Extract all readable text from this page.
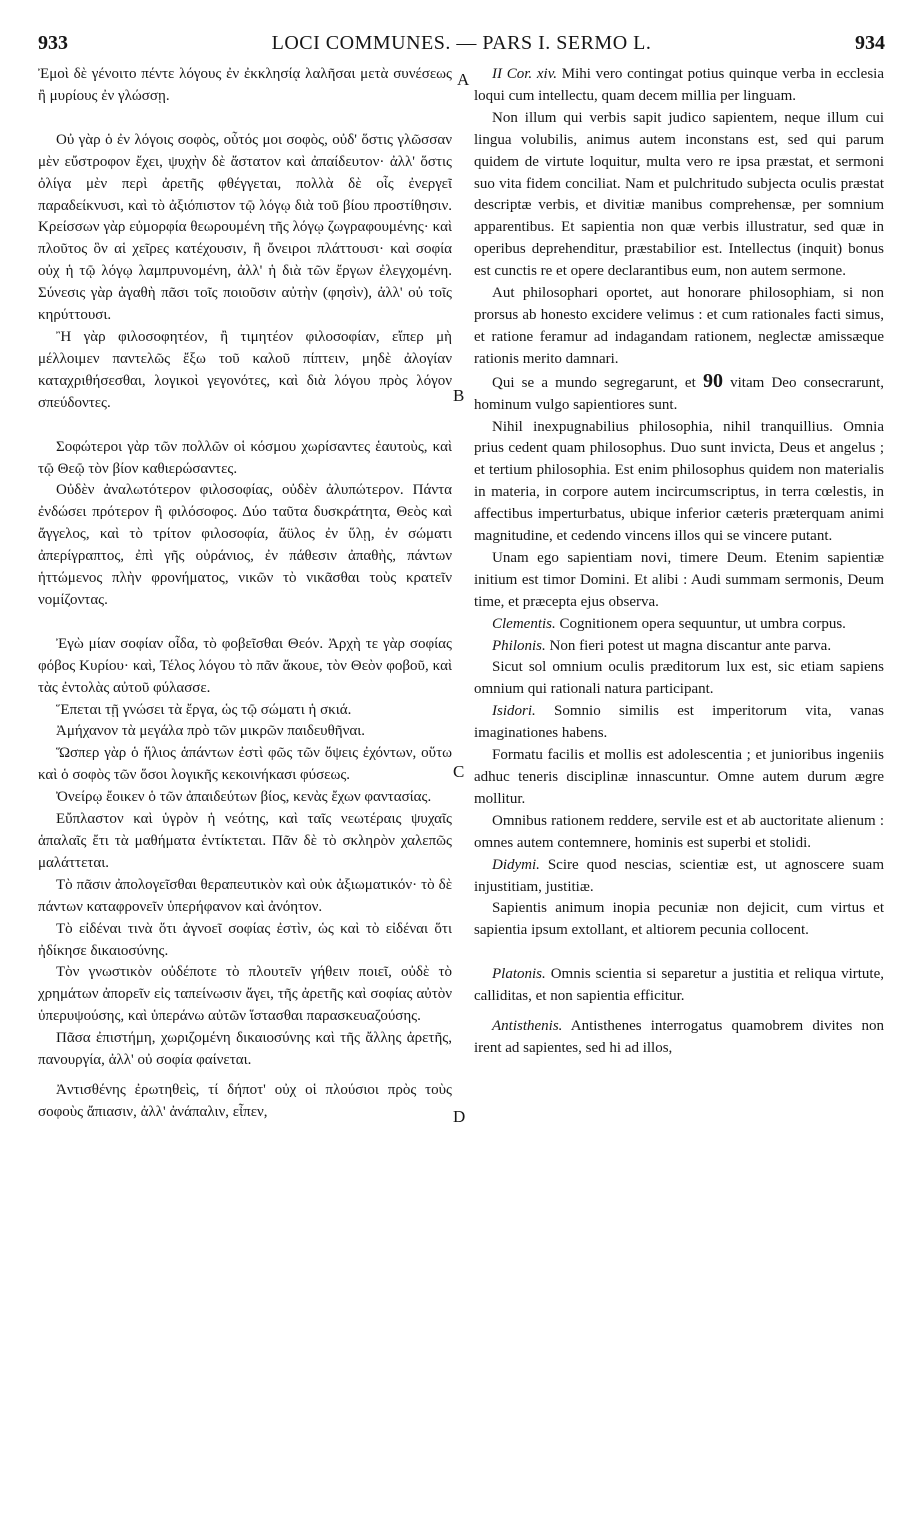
933	LOCI COMMUNES. — PARS I. SERMO L.	934
A
B
C
D

Ἐμοὶ δὲ γένοιτο πέντε λόγους ἐν ἐκκλησίᾳ λαλῆσαι μετὰ συνέσεως ἢ μυρίους ἐν γλώσσῃ.

Οὐ γὰρ ὁ ἐν λόγοις σοφὸς, οὗτός μοι σοφὸς, οὐδ' ὅστις γλῶσσαν μὲν εὔστροφον ἔχει, ψυχὴν δὲ ἄστατον καὶ ἀπαίδευτον· ἀλλ' ὅστις ὀλίγα μὲν περὶ ἀρετῆς φθέγγεται, πολλὰ δὲ οἷς ἐνεργεῖ παραδείκνυσι, καὶ τὸ ἀξιόπιστον τῷ λόγῳ διὰ τοῦ βίου προστίθησιν. Κρείσσων γὰρ εὐμορφία θεωρουμένη τῆς λόγῳ ζωγραφουμένης· καὶ πλοῦτος ὃν αἱ χεῖρες κατέχουσιν, ἢ ὄνειροι πλάττουσι· καὶ σοφία οὐχ ἡ τῷ λόγῳ λαμπρυνομένη, ἀλλ' ἡ διὰ τῶν ἔργων ἐλεγχομένη. Σύνεσις γὰρ ἀγαθὴ πᾶσι τοῖς ποιοῦσιν αὐτὴν (φησὶν), ἀλλ' οὐ τοῖς κηρύττουσι.

Ἢ γὰρ φιλοσοφητέον, ἢ τιμητέον φιλοσοφίαν, εἴπερ μὴ μέλλοιμεν παντελῶς ἔξω τοῦ καλοῦ πίπτειν, μηδὲ ἀλογίαν καταχριθήσεσθαι, λογικοὶ γεγονότες, καὶ διὰ λόγου πρὸς λόγον σπεύδοντες.

Σοφώτεροι γὰρ τῶν πολλῶν οἱ κόσμου χωρίσαντες ἑαυτοὺς, καὶ τῷ Θεῷ τὸν βίον καθιερώσαντες.

Οὐδὲν ἀναλωτότερον φιλοσοφίας, οὐδὲν ἀλυπώτερον. Πάντα ἐνδώσει πρότερον ἢ φιλόσοφος. Δύο ταῦτα δυσκράτητα, Θεὸς καὶ ἄγγελος, καὶ τὸ τρίτον φιλοσοφία, ἄϋλος ἐν ὕλῃ, ἐν σώματι ἀπερίγραπτος, ἐπὶ γῆς οὐράνιος, ἐν πάθεσιν ἀπαθὴς, πάντων ἡττώμενος πλὴν φρονήματος, νικῶν τὸ νικᾶσθαι τοὺς κρατεῖν νομίζοντας.

Ἐγὼ μίαν σοφίαν οἶδα, τὸ φοβεῖσθαι Θεόν. Ἀρχὴ τε γὰρ σοφίας φόβος Κυρίου· καὶ, Τέλος λόγου τὸ πᾶν ἄκουε, τὸν Θεὸν φοβοῦ, καὶ τὰς ἐντολὰς αὐτοῦ φύλασσε.

Ἕπεται τῇ γνώσει τὰ ἔργα, ὡς τῷ σώματι ἡ σκιά.

Ἀμήχανον τὰ μεγάλα πρὸ τῶν μικρῶν παιδευθῆναι.

Ὥσπερ γὰρ ὁ ἥλιος ἁπάντων ἐστὶ φῶς τῶν ὄψεις ἐχόντων, οὕτω καὶ ὁ σοφὸς τῶν ὅσοι λογικῆς κεκοινήκασι φύσεως.

Ὀνείρῳ ἔοικεν ὁ τῶν ἀπαιδεύτων βίος, κενὰς ἔχων φαντασίας.

Εὔπλαστον καὶ ὑγρὸν ἡ νεότης, καὶ ταῖς νεωτέραις ψυχαῖς ἁπαλαῖς ἔτι τὰ μαθήματα ἐντίκτεται. Πᾶν δὲ τὸ σκληρὸν χαλεπῶς μαλάττεται.

Τὸ πᾶσιν ἀπολογεῖσθαι θεραπευτικὸν καὶ οὐκ ἀξιωματικόν· τὸ δὲ πάντων καταφρονεῖν ὑπερήφανον καὶ ἀνόητον.

Τὸ εἰδέναι τινὰ ὅτι ἀγνοεῖ σοφίας ἐστὶν, ὡς καὶ τὸ εἰδέναι ὅτι ἠδίκησε δικαιοσύνης.

Τὸν γνωστικὸν οὐδέποτε τὸ πλουτεῖν γήθειν ποιεῖ, οὐδὲ τὸ χρημάτων ἀπορεῖν εἰς ταπείνωσιν ἄγει, τῆς ἀρετῆς καὶ σοφίας αὐτὸν ὑπερυψούσης, καὶ ὑπεράνω αὐτῶν ἵστασθαι παρασκευαζούσης.

Πᾶσα ἐπιστήμη, χωριζομένη δικαιοσύνης καὶ τῆς ἄλλης ἀρετῆς, πανουργία, ἀλλ' οὐ σοφία φαίνεται.

Ἀντισθένης ἐρωτηθεὶς, τί δήποτ' οὐχ οἱ πλούσιοι πρὸς τοὺς σοφοὺς ἄπιασιν, ἀλλ' ἀνάπαλιν, εἶπεν,

II Cor. xiv. Mihi vero contingat potius quinque verba in ecclesia loqui cum intellectu, quam decem millia per linguam.

Non illum qui verbis sapit judico sapientem, neque illum cui lingua volubilis, animus autem inconstans est, sed qui parum quidem de virtute loquitur, multa vero re ipsa præstat, et sermoni suo vita fidem conciliat. Nam et pulchritudo subjecta oculis præstat descriptæ verbis, et divitiæ manibus comprehensæ, per somnium apparentibus. Et sapientia non quæ verbis illustratur, sed quæ in operibus deprehenditur, præstabilior est. Intellectus (inquit) bonus est cunctis re et opere declarantibus eum, non autem sermone.

Aut philosophari oportet, aut honorare philosophiam, si non prorsus ab honesto excidere velimus : et cum rationales facti simus, et ratione feramur ad indagandam rationem, neglectæ amissæque rationis merito damnari.

Qui se a mundo segregarunt, et 90 vitam Deo consecrarunt, hominum vulgo sapientiores sunt.

Nihil inexpugnabilius philosophia, nihil tranquillius. Omnia prius cedent quam philosophus. Duo sunt invicta, Deus et angelus ; et tertium philosophia. Est enim philosophus quidem non materialis in materia, in corpore autem incircumscriptus, in terra cœlestis, in affectibus imperturbatus, ubique inferior cæteris præterquam animi magnitudine, et cedendo vincens illos qui se vincere putant.

Unam ego sapientiam novi, timere Deum. Etenim sapientiæ initium est timor Domini. Et alibi : Audi summam sermonis, Deum time, et præcepta ejus observa.

Clementis. Cognitionem opera sequuntur, ut umbra corpus.

Philonis. Non fieri potest ut magna discantur ante parva.

Sicut sol omnium oculis præditorum lux est, sic etiam sapiens omnium qui rationali natura participant.

Isidori. Somnio similis est imperitorum vita, vanas imaginationes habens.

Formatu facilis et mollis est adolescentia ; et junioribus ingeniis adhuc teneris disciplinæ innascuntur. Omne autem durum ægre mollitur.

Omnibus rationem reddere, servile est et ab auctoritate alienum : omnes autem contemnere, hominis est superbi et stolidi.

Didymi. Scire quod nescias, scientiæ est, ut agnoscere suam injustitiam, justitiæ.

Sapientis animum inopia pecuniæ non dejicit, cum virtus et sapientia ipsum extollant, et altiorem pecunia collocent.

Platonis. Omnis scientia si separetur a justitia et reliqua virtute, calliditas, et non sapientia efficitur.

Antisthenis. Antisthenes interrogatus quamobrem divites non irent ad sapientes, sed hi ad illos,
